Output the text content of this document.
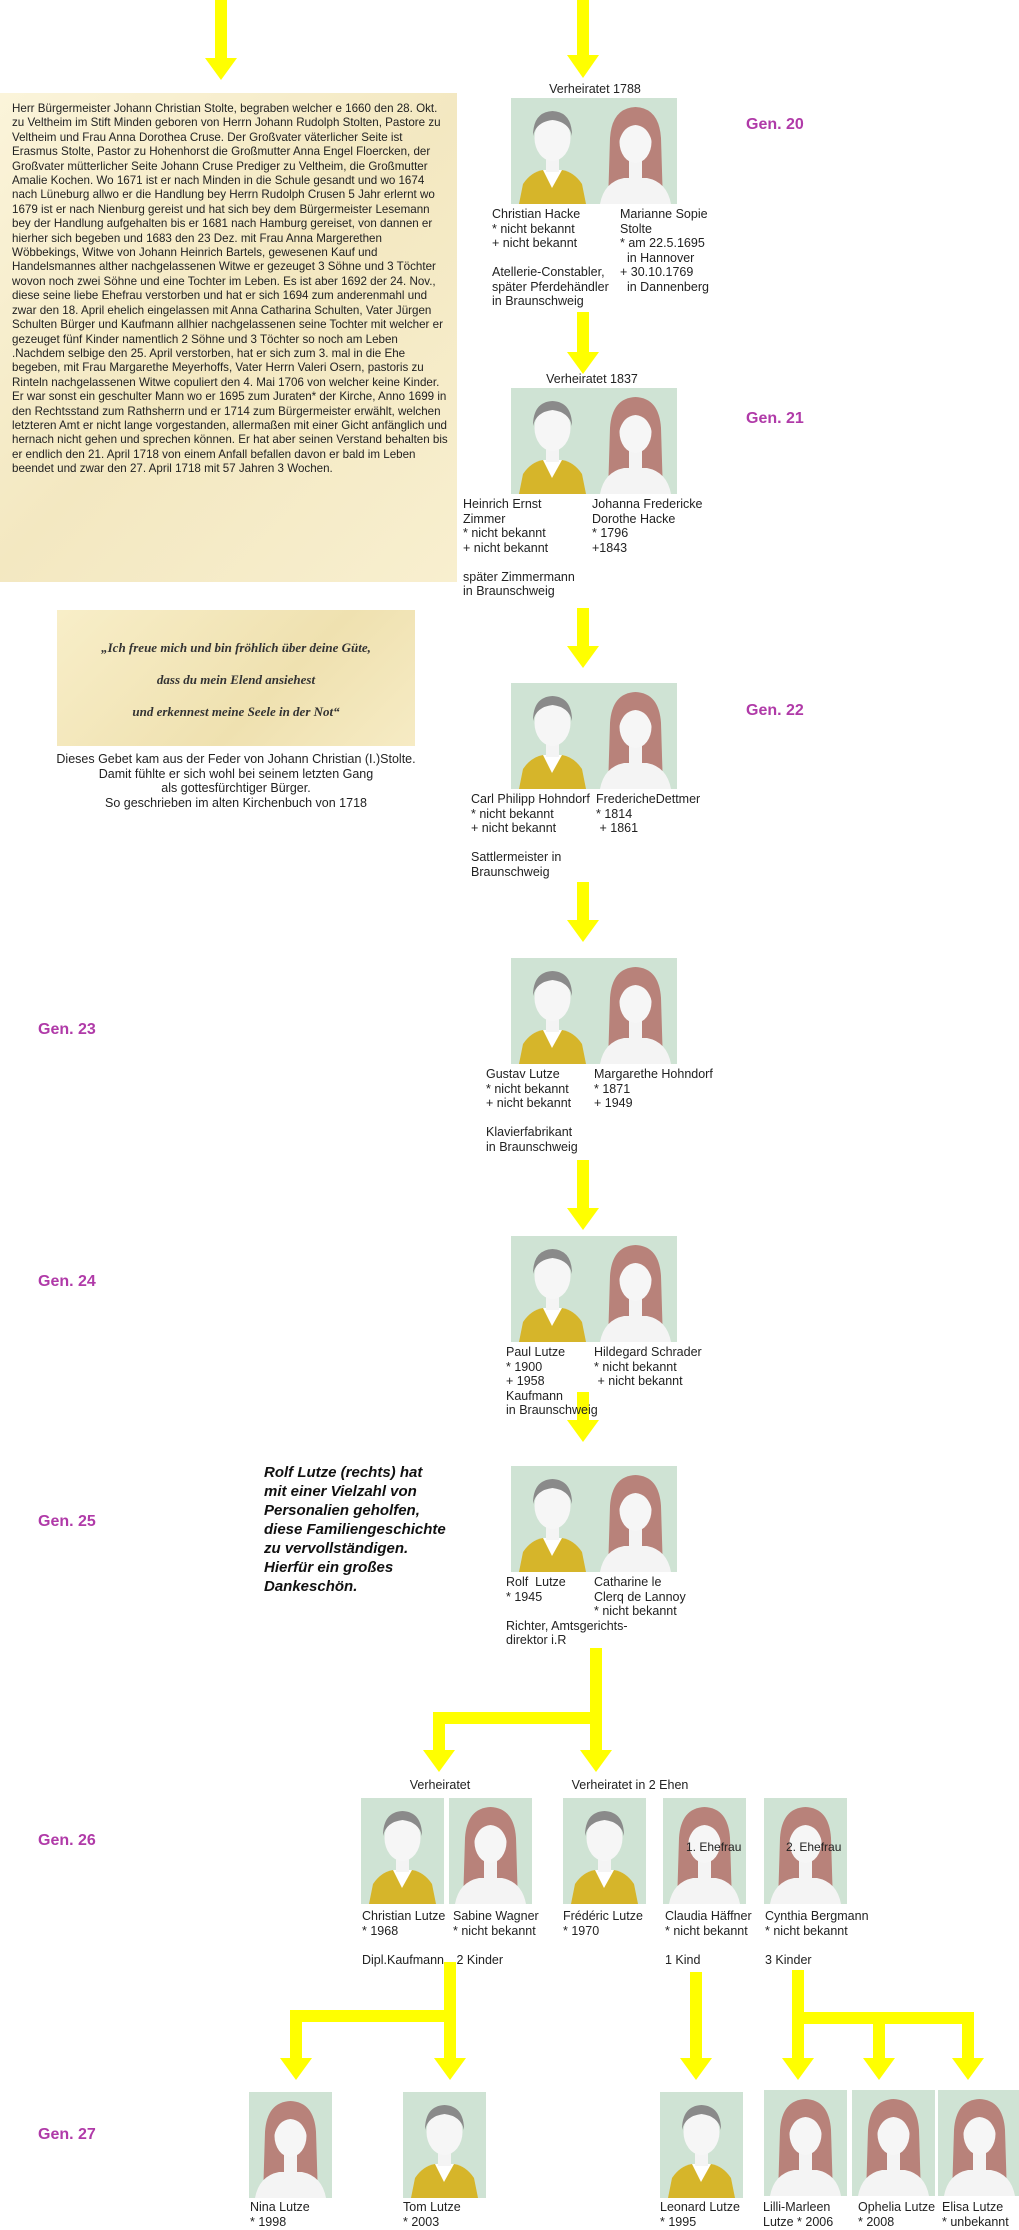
Gen. 20
Gen. 21
Gen. 22
Gen. 23
Gen. 24
Gen. 25
Gen. 26
Gen. 27
Herr Bürgermeister Johann Christian Stolte, begraben welcher e 1660 den 28. Okt. zu Veltheim im Stift Minden geboren von Herrn Johann Rudolph Stolten, Pastore zu Veltheim und Frau Anna Dorothea Cruse. Der Großvater väterlicher Seite ist Erasmus Stolte, Pastor zu Hohenhorst die Großmutter Anna Engel Floercken, der Großvater mütterlicher Seite Johann Cruse Prediger zu Veltheim, die Großmutter Amalie Kochen. Wo 1671 ist er nach Minden in die Schule gesandt und wo 1674 nach Lüneburg allwo er die Handlung bey Herrn Rudolph Crusen 5 Jahr erlernt wo 1679 ist er nach Nienburg gereist und hat sich bey dem Bürgermeister Lesemann bey der Handlung aufgehalten bis er 1681 nach Hamburg gereiset, von dannen er hierher sich begeben und 1683 den 23 Dez. mit Frau Anna Margerethen Wöbbekings, Witwe von Johann Heinrich Bartels, gewesenen Kauf und Handelsmannes alther nachgelassenen Witwe er gezeuget 3 Söhne und 3 Töchter wovon noch zwei Söhne und eine Tochter im Leben. Es ist aber 1692 der 24. Nov., diese seine liebe Ehefrau verstorben und hat er sich 1694 zum anderenmahl und zwar den 18. April ehelich eingelassen mit Anna Catharina Schulten, Vater Jürgen Schulten Bürger und Kaufmann allhier nachgelassenen seine Tochter mit welcher er gezeuget fünf Kinder namentlich 2 Söhne und 3 Töchter so noch am Leben .Nachdem selbige den 25. April verstorben, hat er sich zum 3. mal in die Ehe begeben, mit Frau Margarethe Meyerhoffs, Vater Herrn Valeri Osern, pastoris zu Rinteln nachgelassenen Witwe copuliert den 4. Mai 1706 von welcher keine Kinder. Er war sonst ein geschulter Mann wo er 1695 zum Juraten* der Kirche, Anno 1699 in den Rechtsstand zum Rathsherrn und er 1714 zum Bürgermeister erwählt, welchen letzteren Amt er nicht lange vorgestanden, allermaßen mit einer Gicht anfänglich und hernach nicht gehen und sprechen können. Er hat aber seinen Verstand behalten bis er endlich den 21. April 1718 von einem Anfall befallen davon er bald im Leben beendet und zwar den 27. April 1718 mit 57 Jahren 3 Wochen.
„Ich freue mich und bin fröhlich über deine Güte,
dass du mein Elend ansiehest
und erkennest meine Seele in der Not“
Dieses Gebet kam aus der Feder von Johann Christian (I.)Stolte.
Damit fühlte er sich wohl bei seinem letzten Gang
als gottesfürchtiger Bürger.
So geschrieben im alten Kirchenbuch von 1718
Rolf Lutze (rechts) hat
mit einer Vielzahl von
Personalien geholfen,
diese Familiengeschichte
zu vervollständigen.
Hierfür ein großes
Dankeschön.
Verheiratet 1788
Christian Hacke
* nicht bekannt
+ nicht bekannt

Atellerie-Constabler,
später Pferdehändler
in Braunschweig
Marianne Sopie
Stolte
* am 22.5.1695
in Hannover
+ 30.10.1769
in Dannenberg
Verheiratet 1837
Heinrich Ernst
Zimmer
* nicht bekannt
+ nicht bekannt

später Zimmermann
in Braunschweig
Johanna Fredericke
Dorothe Hacke
* 1796
+1843
Carl Philipp Hohndorf
* nicht bekannt
+ nicht bekannt

Sattlermeister in
Braunschweig
FredericheDettmer
* 1814
+ 1861
Gustav Lutze
* nicht bekannt
+ nicht bekannt

Klavierfabrikant
in Braunschweig
Margarethe Hohndorf
* 1871
+ 1949
Paul Lutze
* 1900
+ 1958
Kaufmann
in Braunschweig
Hildegard Schrader
* nicht bekannt
+ nicht bekannt
Rolf  Lutze
* 1945

Richter, Amtsgerichts-
direktor i.R
Catharine le
Clerq de Lannoy
* nicht bekannt
Verheiratet	Verheiratet in 2 Ehen
1. Ehefrau	2. Ehefrau
Christian Lutze
* 1968

Dipl.Kaufmann
Sabine Wagner
* nicht bekannt

2 Kinder
Frédéric Lutze
* 1970
Claudia Häffner
* nicht bekannt

1 Kind
Cynthia Bergmann
* nicht bekannt

3 Kinder
Nina Lutze
* 1998
Tom Lutze
* 2003
Leonard Lutze
* 1995
Lilli-Marleen
Lutze * 2006
Ophelia Lutze
* 2008
Elisa Lutze
* unbekannt
